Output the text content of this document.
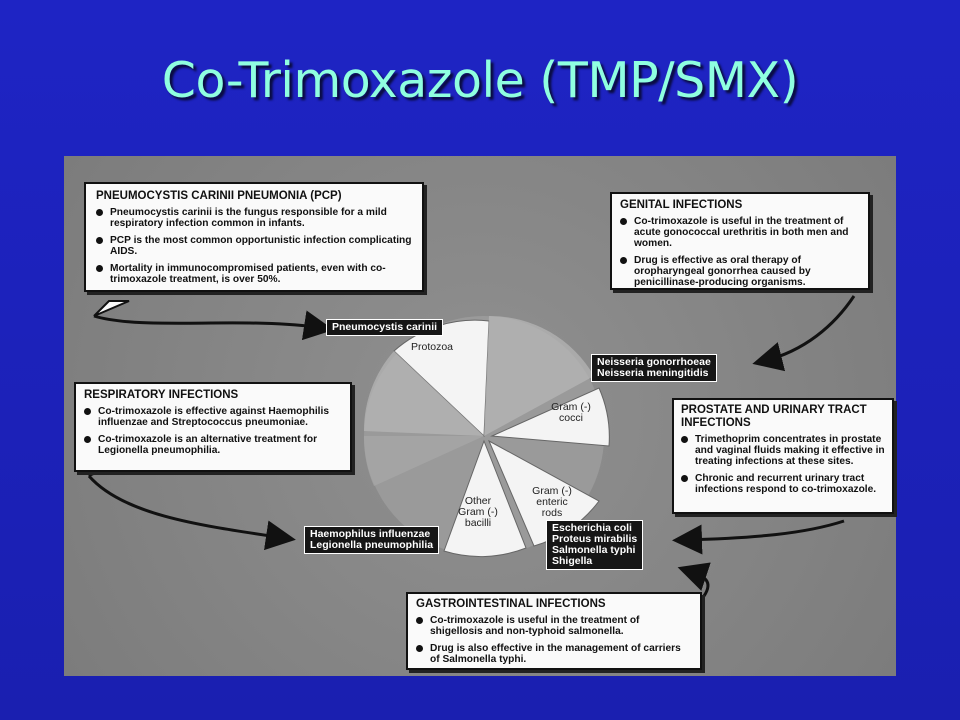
Co-Trimoxazole (TMP/SMX)
PNEUMOCYSTIS CARINII PNEUMONIA (PCP)
Pneumocystis carinii is the fungus responsible for a mild respiratory infection common in infants.
PCP is the most common opportunistic infection complicating AIDS.
Mortality in immunocompromised patients, even with co-trimoxazole treatment, is over 50%.
GENITAL INFECTIONS
Co-trimoxazole is useful in the treatment of acute gonococcal urethritis in both men and women.
Drug is effective as oral therapy of oropharyngeal gonorrhea caused by penicillinase-producing organisms.
RESPIRATORY INFECTIONS
Co-trimoxazole is effective against Haemophilis influenzae and Streptococcus pneumoniae.
Co-trimoxazole is an alternative treatment for Legionella pneumophilia.
PROSTATE AND URINARY TRACT INFECTIONS
Trimethoprim concentrates in prostate and vaginal fluids making it effective in treating infections at these sites.
Chronic and recurrent urinary tract infections respond to co-trimoxazole.
GASTROINTESTINAL INFECTIONS
Co-trimoxazole is useful in the treatment of shigellosis and non-typhoid salmonella.
Drug is also effective in the management of carriers of Salmonella typhi.
Pneumocystis carinii
Neisseria gonorrhoeae
Neisseria meningitidis
Haemophilus influenzae
Legionella pneumophilia
Escherichia coli
Proteus mirabilis
Salmonella typhi
Shigella
Protozoa
Gram (-)
cocci
Gram (-)
enteric
rods
Other
Gram (-)
bacilli
